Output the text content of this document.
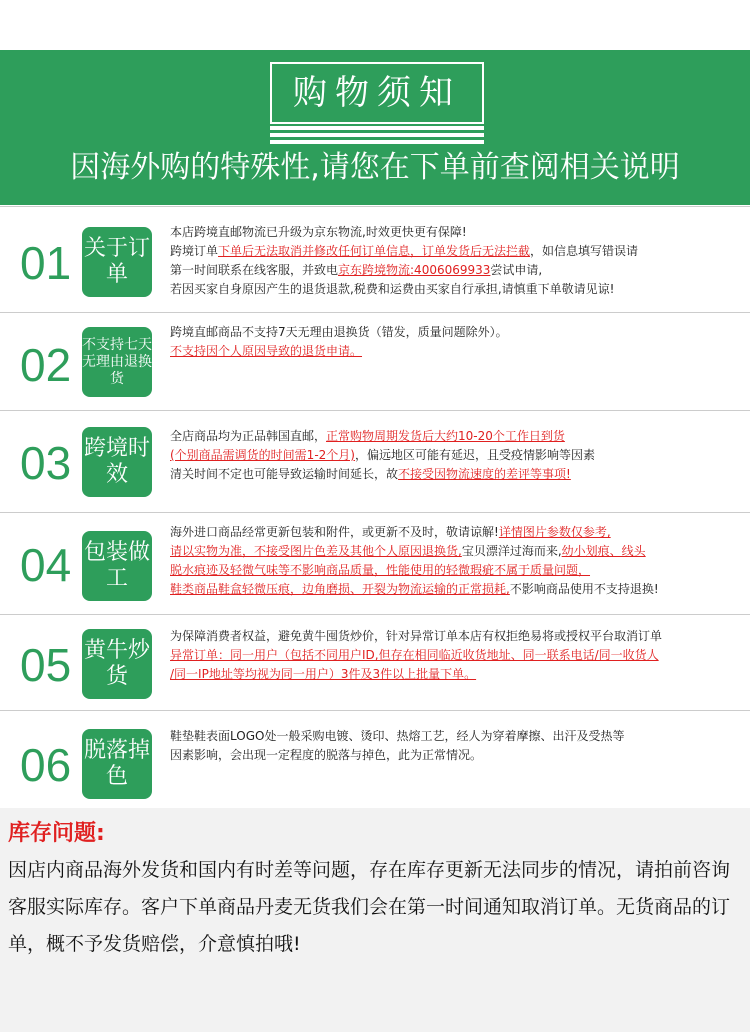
购物须知
因海外购的特殊性,请您在下单前查阅相关说明
01 关于订单
本店跨境直邮物流已升级为京东物流,时效更快更有保障!
跨境订单下单后无法取消并修改任何订单信息，订单发货后无法拦截，如信息填写错误请
第一时间联系在线客服，并致电京东跨境物流:4006069933尝试申请,
若因买家自身原因产生的退货退款,税费和运费由买家自行承担,请慎重下单敬请见谅!
02 不支持七天无理由退换货
跨境直邮商品不支持7天无理由退换货（错发，质量问题除外）。
不支持因个人原因导致的退货申请。
03 跨境时效
全店商品均为正品韩国直邮，正常购物周期发货后大约10-20个工作日到货
(个别商品需调货的时间需1-2个月)，偏远地区可能有延迟，且受疫情影响等因素
清关时间不定也可能导致运输时间延长，故不接受因物流速度的差评等事项!
04 包装做工
海外进口商品经常更新包装和附件，或更新不及时，敬请谅解!详情图片参数仅参考,
请以实物为准，不接受图片色差及其他个人原因退换货,宝贝漂洋过海而来,幼小划痕、线头
脱水痕迹及轻微气味等不影响商品质量，性能使用的轻微瑕疵不属于质量问题，
鞋类商品鞋盒轻微压痕，边角磨损、开裂为物流运输的正常损耗,不影响商品使用不支持退换!
05 黄牛炒货
为保障消费者权益，避免黄牛囤货炒价，针对异常订单本店有权拒绝易将或授权平台取消订单
异常订单：同一用户（包括不同用户ID,但存在相同临近收货地址、同一联系电话/同一收货人
/同一IP地址等均视为同一用户）3件及3件以上批量下单。
06 脱落掉色
鞋垫鞋表面LOGO处一般采购电镀、烫印、热熔工艺，经人为穿着摩擦、出汗及受热等
因素影响，会出现一定程度的脱落与掉色，此为正常情况。
库存问题:
因店内商品海外发货和国内有时差等问题，存在库存更新无法同步的情况，请拍前咨询客服实际库存。客户下单商品丹麦无货我们会在第一时间通知取消订单。无货商品的订单，概不予发货赔偿，介意慎拍哦!
